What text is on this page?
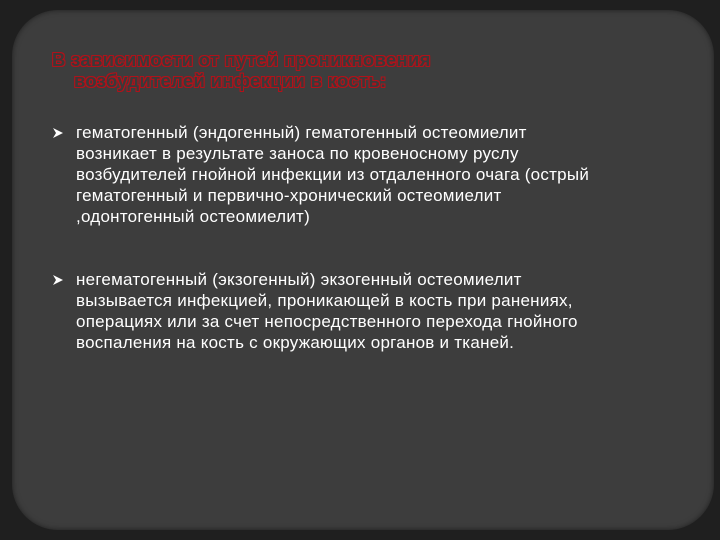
В зависимости от путей проникновения
возбудителей инфекции в кость:
гематогенный (эндогенный) гематогенный остеомиелит возникает в результате заноса по кровеносному руслу возбудителей гнойной инфекции из отдаленного очага (острый гематогенный и первично-хронический остеомиелит ,одонтогенный остеомиелит)
негематогенный (экзогенный) экзогенный остеомиелит вызывается инфекцией, проникающей в кость при ранениях, операциях или за счет непосредственного перехода гнойного воспаления на кость с окружающих органов и тканей.
